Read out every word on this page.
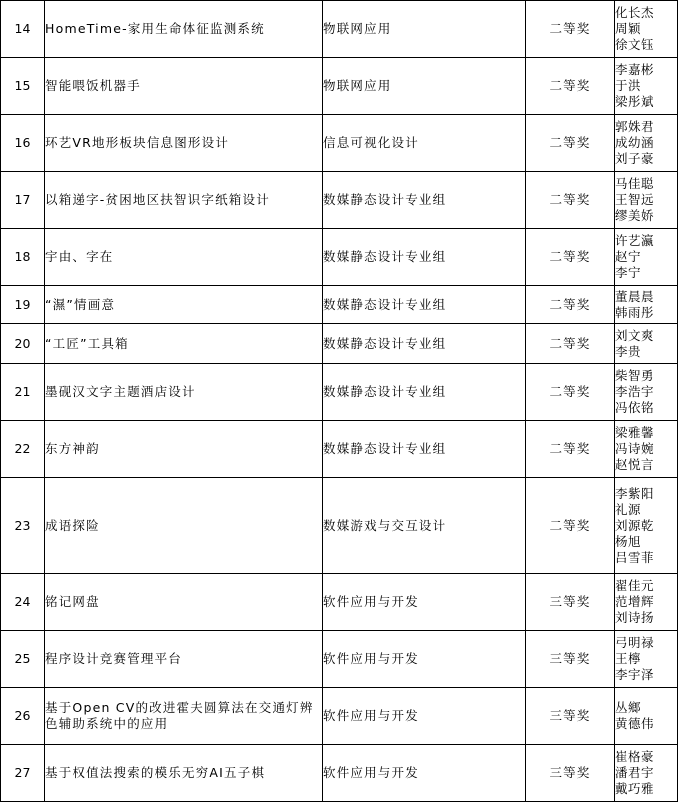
14	HomeTime-家用生命体征监测系统	物联网应用	二等奖	化长杰
周颖
徐文钰

15	智能喂饭机器手	物联网应用	二等奖	李嘉彬
于洪
梁彤斌

16	环艺VR地形板块信息图形设计	信息可视化设计	二等奖	郭姝君
成幼涵
刘子豪

17	以箱递字-贫困地区扶智识字纸箱设计	数媒静态设计专业组	二等奖	马佳聪
王智远
缪美娇

18	宇由、字在	数媒静态设计专业组	二等奖	许艺瀛
赵宁
李宁

19	“濕”情画意	数媒静态设计专业组	二等奖	董晨晨
韩雨彤

20	“工匠”工具箱	数媒静态设计专业组	二等奖	刘文爽
李贵

21	墨砚汉文字主题酒店设计	数媒静态设计专业组	二等奖	柴智勇
李浩宇
冯依铭

22	东方神韵	数媒静态设计专业组	二等奖	梁雅馨
冯诗婉
赵悦言

23	成语探险	数媒游戏与交互设计	二等奖	李紫阳
礼源
刘源乾
杨旭
吕雪菲

24	铭记网盘	软件应用与开发	三等奖	翟佳元
范增辉
刘诗扬

25	程序设计竞赛管理平台	软件应用与开发	三等奖	弓明禄
王檸
李宇泽

26	基于Open CV的改进霍夫圆算法在交通灯辨色辅助系统中的应用	软件应用与开发	三等奖	丛鄉
黄德伟

27	基于权值法搜索的模乐无穷AI五子棋	软件应用与开发	三等奖	崔格豪
潘君宇
戴巧雅
